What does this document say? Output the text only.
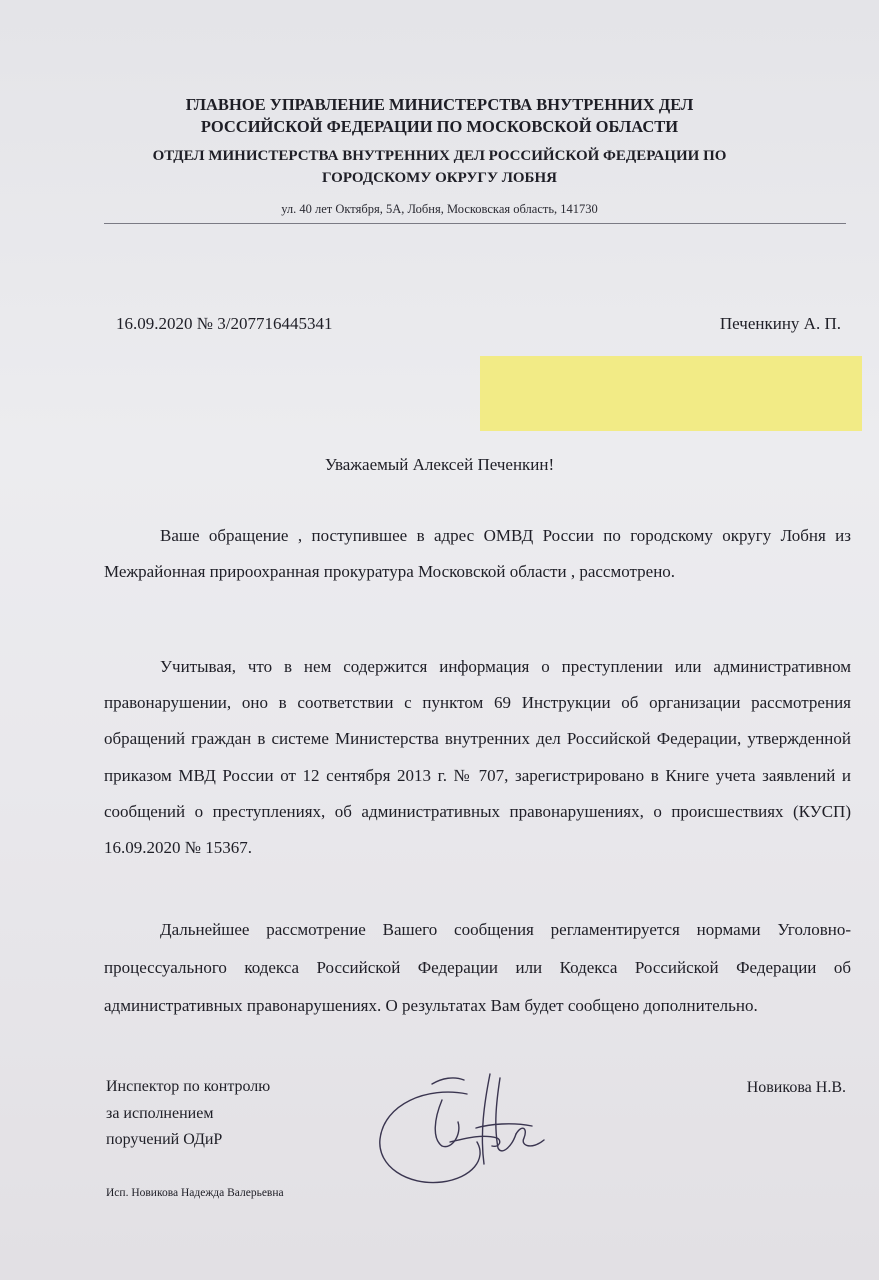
ГЛАВНОЕ УПРАВЛЕНИЕ МИНИСТЕРСТВА ВНУТРЕННИХ ДЕЛ
РОССИЙСКОЙ ФЕДЕРАЦИИ ПО МОСКОВСКОЙ ОБЛАСТИ
ОТДЕЛ МИНИСТЕРСТВА ВНУТРЕННИХ ДЕЛ РОССИЙСКОЙ ФЕДЕРАЦИИ ПО
ГОРОДСКОМУ ОКРУГУ ЛОБНЯ
ул. 40 лет Октября, 5А, Лобня, Московская область, 141730
16.09.2020 № 3/207716445341	Печенкину А. П.
Уважаемый Алексей Печенкин!
Ваше обращение , поступившее в адрес ОМВД России по городскому округу Лобня из Межрайонная прироохранная прокуратура Московской области , рассмотрено.
Учитывая, что в нем содержится информация о преступлении или административном правонарушении, оно в соответствии с пунктом 69 Инструкции об организации рассмотрения обращений граждан в системе Министерства внутренних дел Российской Федерации, утвержденной приказом МВД России от 12 сентября 2013 г. № 707, зарегистрировано в Книге учета заявлений и сообщений о преступлениях, об административных правонарушениях, о происшествиях (КУСП) 16.09.2020 № 15367.
Дальнейшее рассмотрение Вашего сообщения регламентируется нормами Уголовно-процессуального кодекса Российской Федерации или Кодекса Российской Федерации об административных правонарушениях. О результатах Вам будет сообщено дополнительно.
Инспектор по контролю
за исполнением
поручений ОДиР
Новикова Н.В.
Исп. Новикова Надежда Валерьевна
